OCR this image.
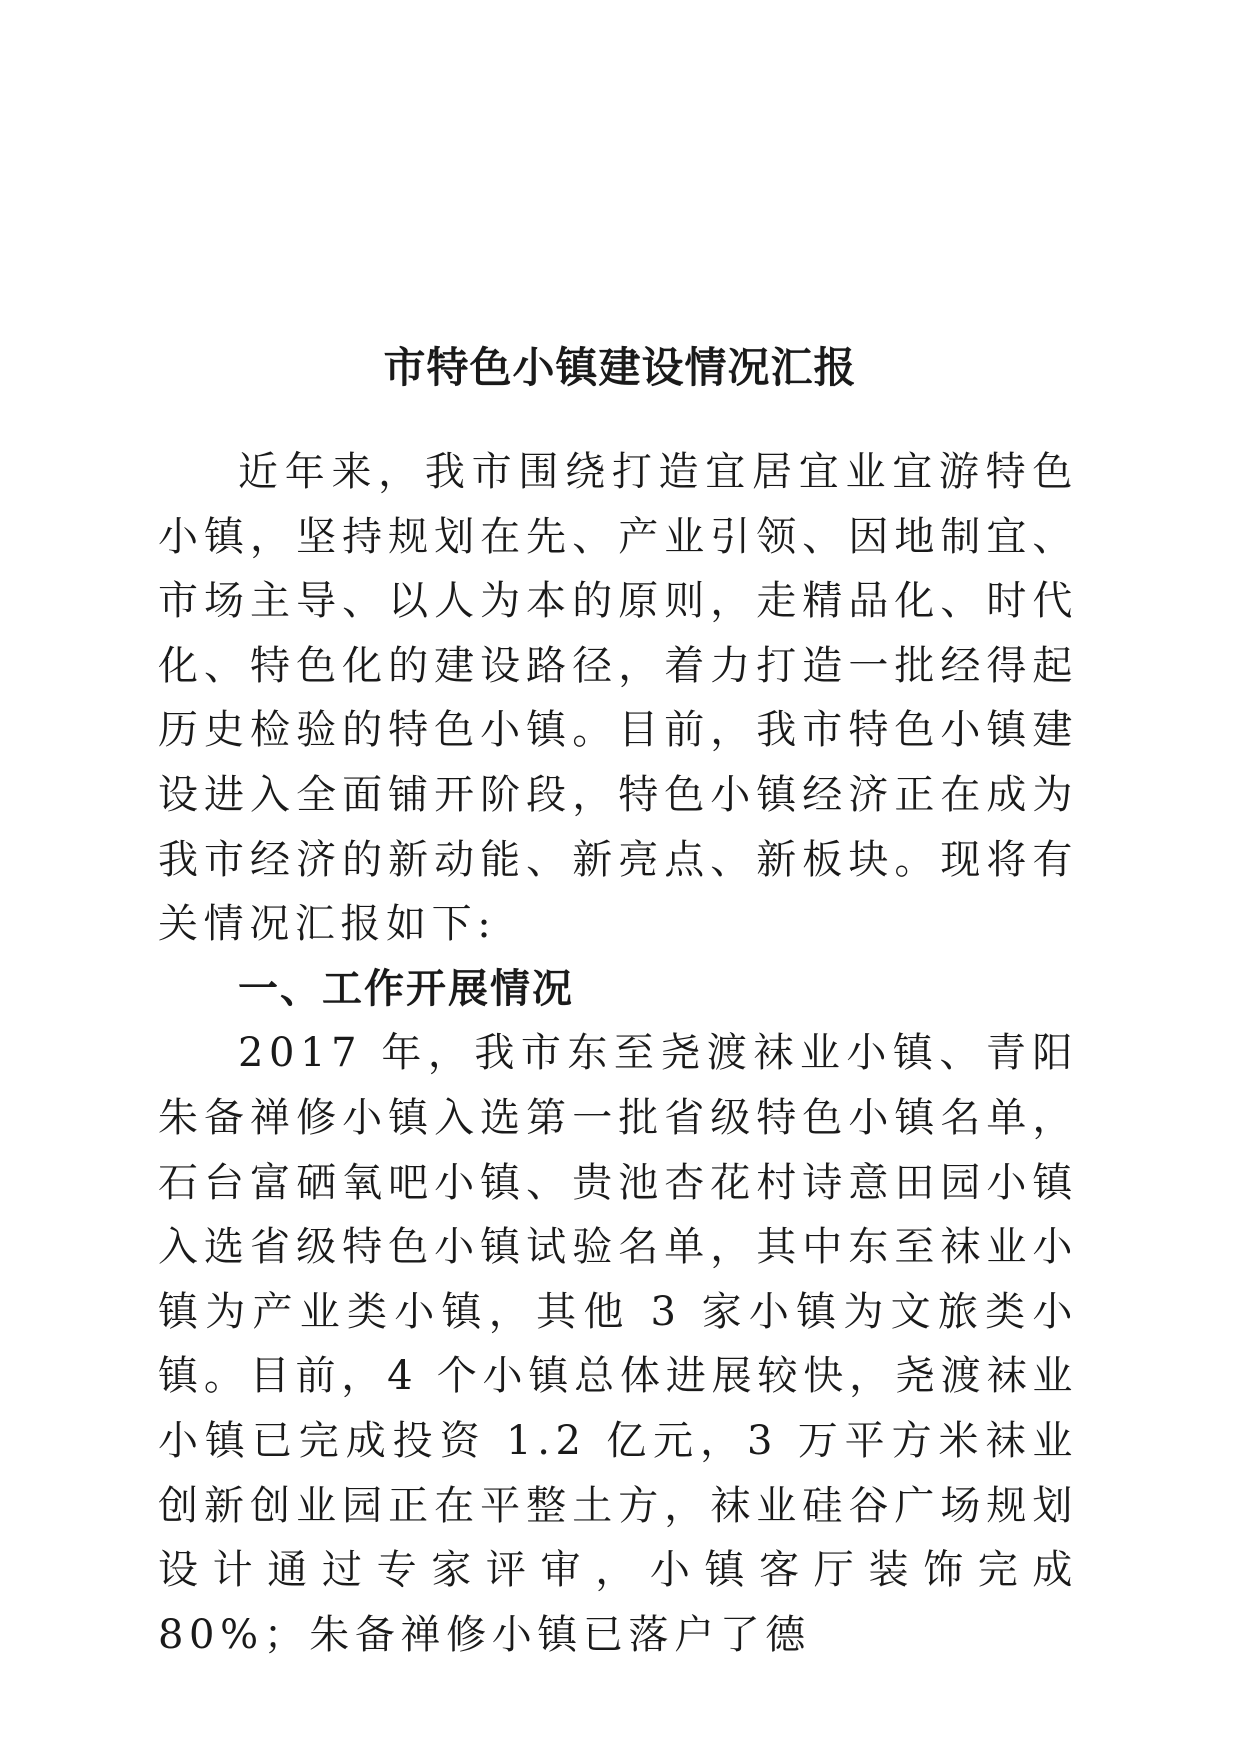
市特色小镇建设情况汇报

近年来，我市围绕打造宜居宜业宜游特色小镇，坚持规划在先、产业引领、因地制宜、市场主导、以人为本的原则，走精品化、时代化、特色化的建设路径，着力打造一批经得起历史检验的特色小镇。目前，我市特色小镇建设进入全面铺开阶段，特色小镇经济正在成为我市经济的新动能、新亮点、新板块。现将有关情况汇报如下:

一、工作开展情况

2017 年，我市东至尧渡袜业小镇、青阳朱备禅修小镇入选第一批省级特色小镇名单，石台富硒氧吧小镇、贵池杏花村诗意田园小镇入选省级特色小镇试验名单，其中东至袜业小镇为产业类小镇，其他 3 家小镇为文旅类小镇。目前，4 个小镇总体进展较快，尧渡袜业小镇已完成投资 1.2 亿元，3 万平方米袜业创新创业园正在平整土方，袜业硅谷广场规划设计通过专家评审，小镇客厅装饰完成 80%；朱备禅修小镇已落户了德
